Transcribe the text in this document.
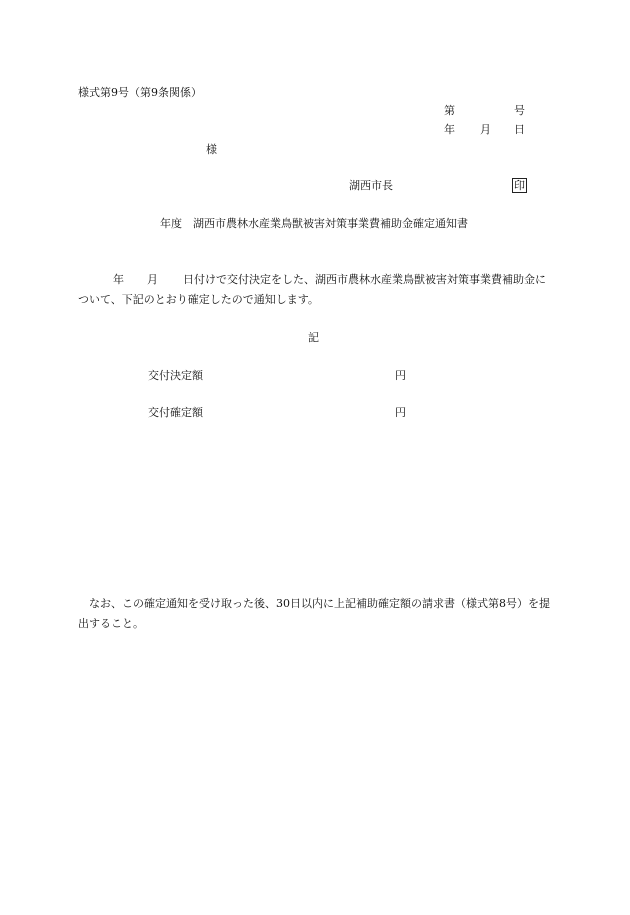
様式第9号（第9条関係）
第	号
年 月 日
様
湖西市長	印
年度 湖西市農林水産業鳥獣被害対策事業費補助金確定通知書
年 月	日付けで交付決定をした、湖西市農林水産業鳥獣被害対策事業費補助金について、下記のとおり確定したので通知します。
記
交付決定額	円
交付確定額	円
なお、この確定通知を受け取った後、30日以内に上記補助確定額の請求書（様式第8号）を提出すること。
